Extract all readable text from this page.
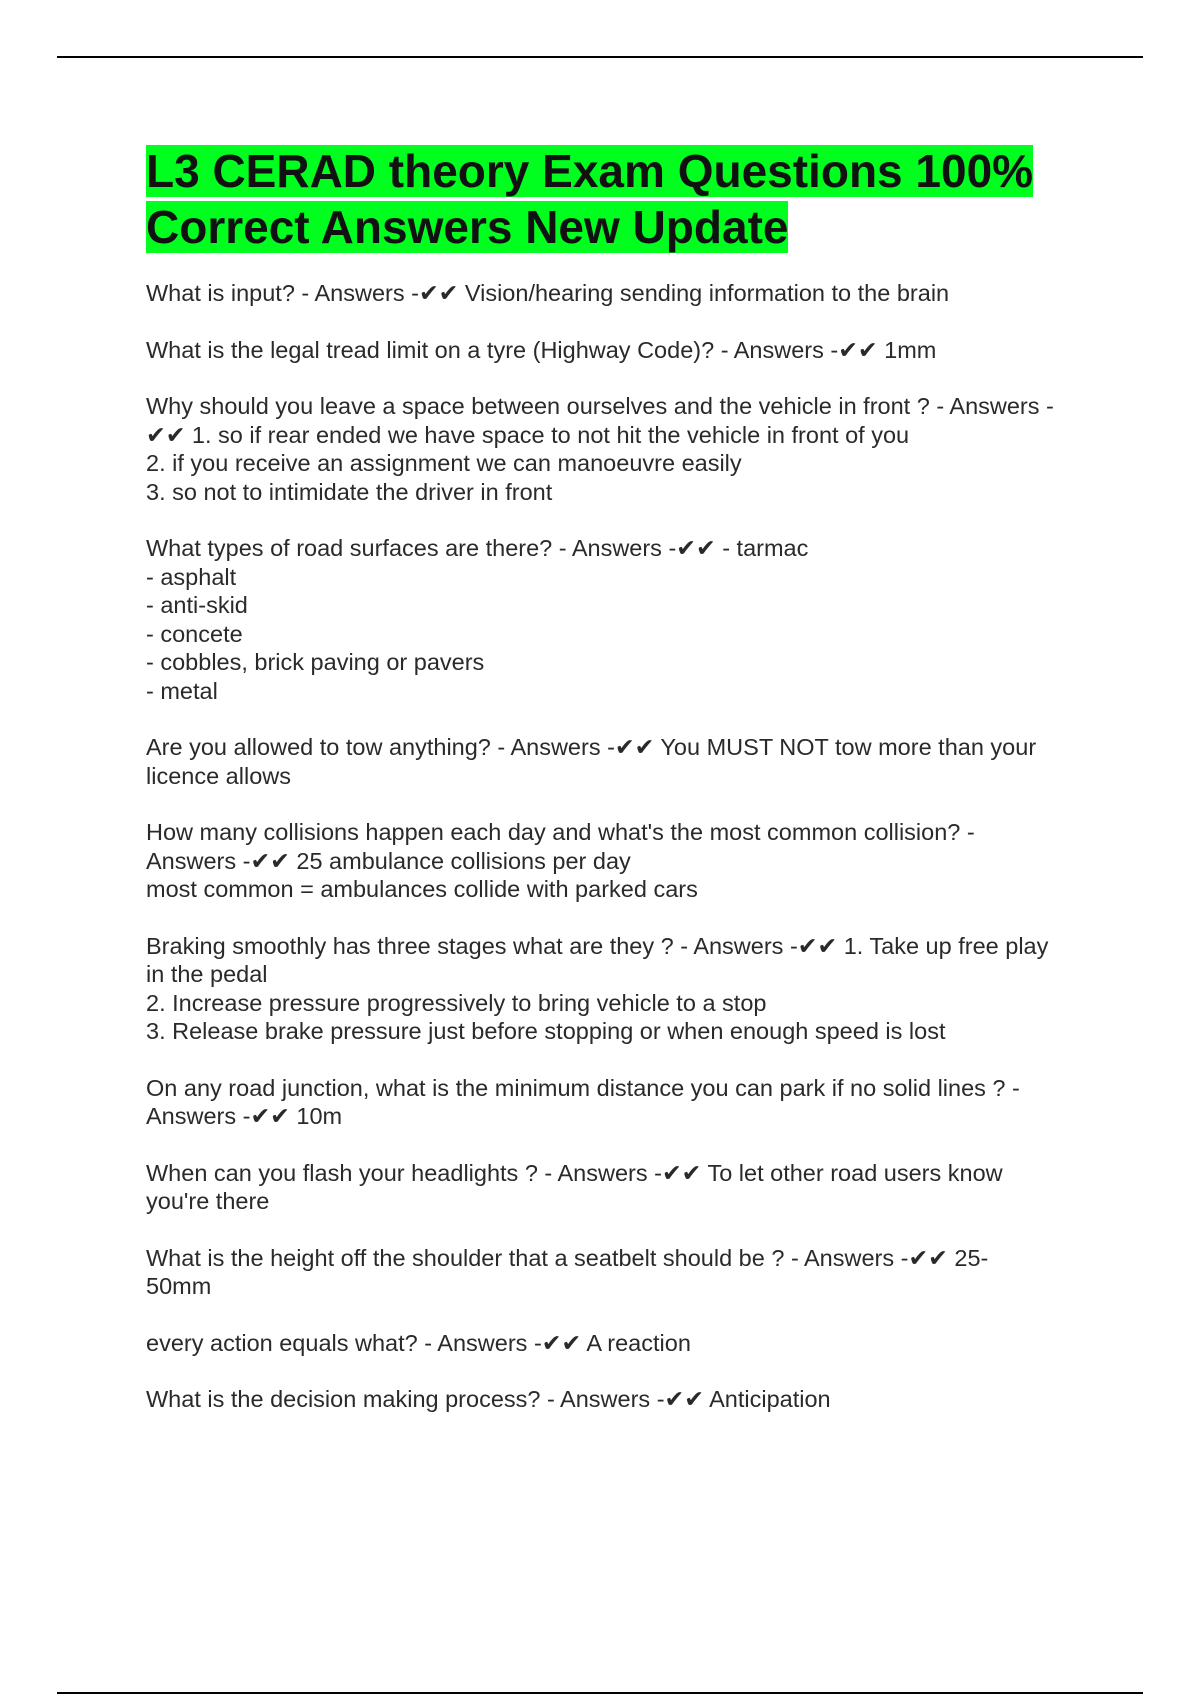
L3 CERAD theory Exam Questions 100% Correct Answers New Update

What is input? - Answers -✔✔ Vision/hearing sending information to the brain

What is the legal tread limit on a tyre (Highway Code)? - Answers -✔✔ 1mm

Why should you leave a space between ourselves and the vehicle in front ? - Answers -
✔✔ 1. so if rear ended we have space to not hit the vehicle in front of you
2. if you receive an assignment we can manoeuvre easily
3. so not to intimidate the driver in front

What types of road surfaces are there? - Answers -✔✔ - tarmac
- asphalt
- anti-skid
- concete
- cobbles, brick paving or pavers
- metal

Are you allowed to tow anything? - Answers -✔✔ You MUST NOT tow more than your
licence allows

How many collisions happen each day and what's the most common collision? -
Answers -✔✔ 25 ambulance collisions per day
most common = ambulances collide with parked cars

Braking smoothly has three stages what are they ? - Answers -✔✔ 1. Take up free play
in the pedal
2. Increase pressure progressively to bring vehicle to a stop
3. Release brake pressure just before stopping or when enough speed is lost

On any road junction, what is the minimum distance you can park if no solid lines ? -
Answers -✔✔ 10m

When can you flash your headlights ? - Answers -✔✔ To let other road users know
you're there

What is the height off the shoulder that a seatbelt should be ? - Answers -✔✔ 25-
50mm

every action equals what? - Answers -✔✔ A reaction

What is the decision making process? - Answers -✔✔ Anticipation
